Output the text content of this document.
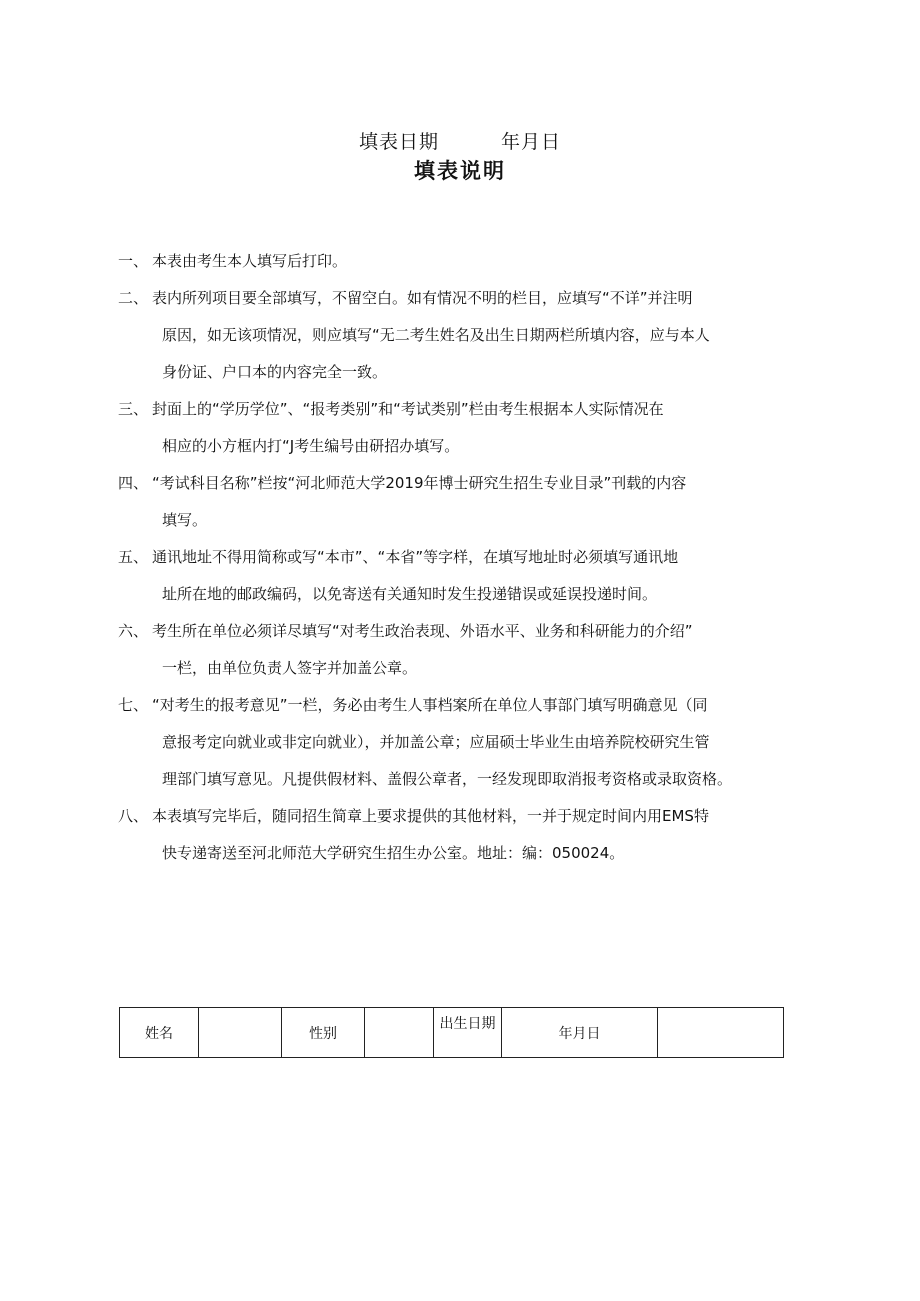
填表日期	年月日
填表说明
一、 本表由考生本人填写后打印。
二、 表内所列项目要全部填写，不留空白。如有情况不明的栏目，应填写“不详”并注明
原因，如无该项情况，则应填写“无二考生姓名及出生日期两栏所填内容，应与本人
身份证、户口本的内容完全一致。
三、 封面上的“学历学位”、“报考类别”和“考试类别”栏由考生根据本人实际情况在
相应的小方框内打“J考生编号由研招办填写。
四、 “考试科目名称”栏按“河北师范大学2019年博士研究生招生专业目录”刊载的内容
填写。
五、 通讯地址不得用简称或写“本市”、“本省”等字样，在填写地址时必须填写通讯地
址所在地的邮政编码，以免寄送有关通知时发生投递错误或延误投递时间。
六、 考生所在单位必须详尽填写“对考生政治表现、外语水平、业务和科研能力的介绍”
一栏，由单位负责人签字并加盖公章。
七、 “对考生的报考意见”一栏，务必由考生人事档案所在单位人事部门填写明确意见（同
意报考定向就业或非定向就业），并加盖公章；应届硕士毕业生由培养院校研究生管
理部门填写意见。凡提供假材料、盖假公章者，一经发现即取消报考资格或录取资格。
八、 本表填写完毕后，随同招生简章上要求提供的其他材料，一并于规定时间内用EMS特
快专递寄送至河北师范大学研究生招生办公室。地址：编：050024。
姓名		性别		出生日期	年月日	
